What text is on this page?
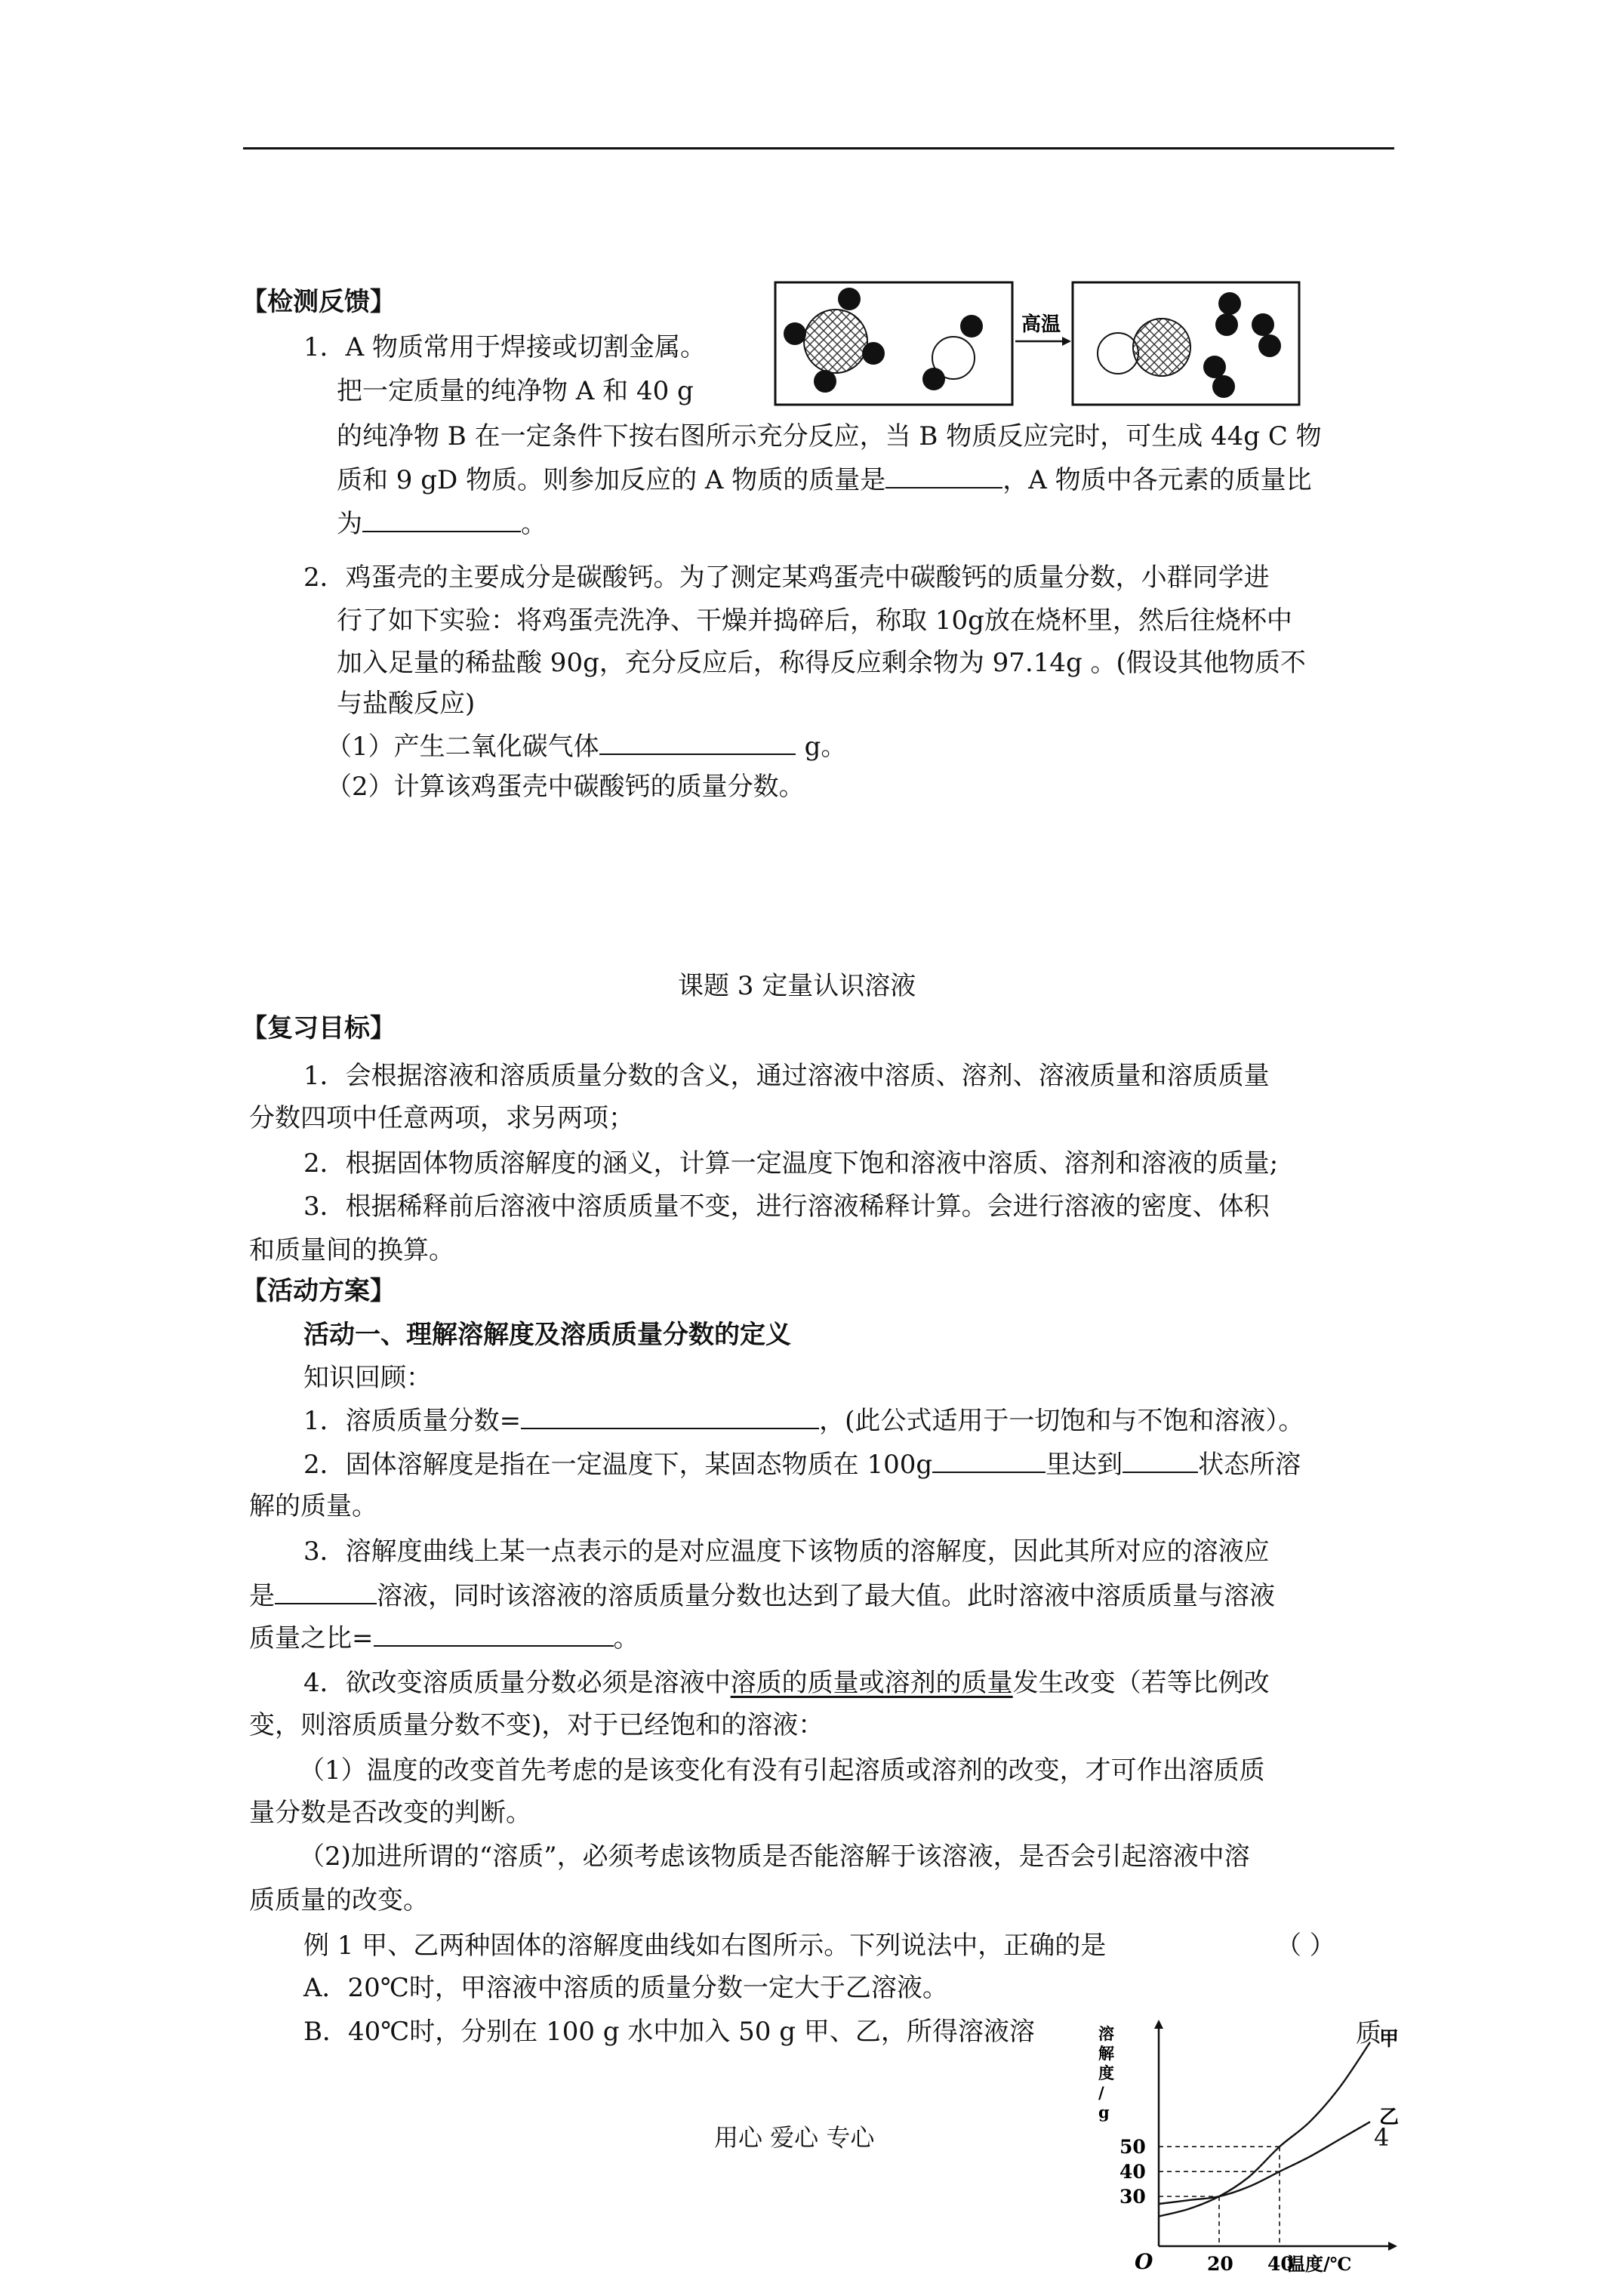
【检测反馈】
1．A 物质常用于焊接或切割金属。
把一定质量的纯净物 A 和 40 g
高温
的纯净物 B 在一定条件下按右图所示充分反应，当 B 物质反应完时，可生成 44g C 物
质和 9 gD 物质。则参加反应的 A 物质的质量是	，A 物质中各元素的质量比
为	。
2．鸡蛋壳的主要成分是碳酸钙。为了测定某鸡蛋壳中碳酸钙的质量分数，小群同学进
行了如下实验：将鸡蛋壳洗净、干燥并捣碎后，称取 10g放在烧杯里，然后往烧杯中
加入足量的稀盐酸 90g，充分反应后，称得反应剩余物为 97.14g 。(假设其他物质不
与盐酸反应)
（1）产生二氧化碳气体	g。
（2）计算该鸡蛋壳中碳酸钙的质量分数。
课题 3 定量认识溶液
【复习目标】
1．会根据溶液和溶质质量分数的含义，通过溶液中溶质、溶剂、溶液质量和溶质质量
分数四项中任意两项，求另两项；
2．根据固体物质溶解度的涵义，计算一定温度下饱和溶液中溶质、溶剂和溶液的质量;
3．根据稀释前后溶液中溶质质量不变，进行溶液稀释计算。会进行溶液的密度、体积
和质量间的换算。
【活动方案】
活动一、理解溶解度及溶质质量分数的定义
知识回顾：
1．溶质质量分数=	，(此公式适用于一切饱和与不饱和溶液）。
2．固体溶解度是指在一定温度下，某固态物质在 100g	里达到	状态所溶
解的质量。
3．溶解度曲线上某一点表示的是对应温度下该物质的溶解度，因此其所对应的溶液应
是	溶液，同时该溶液的溶质质量分数也达到了最大值。此时溶液中溶质质量与溶液
质量之比=	。
4．欲改变溶质质量分数必须是溶液中溶质的质量或溶剂的质量发生改变（若等比例改
变，则溶质质量分数不变)，对于已经饱和的溶液：
（1）温度的改变首先考虑的是该变化有没有引起溶质或溶剂的改变，才可作出溶质质
量分数是否改变的判断。
（2)加进所谓的“溶质”，必须考虑该物质是否能溶解于该溶液，是否会引起溶液中溶
质质量的改变。
例 1 甲、乙两种固体的溶解度曲线如右图所示。下列说法中，正确的是	（ ）
A．20℃时，甲溶液中溶质的质量分数一定大于乙溶液。
B．40℃时，分别在 100 g 水中加入 50 g 甲、乙，所得溶液溶	质
用心 爱心 专心	4
O
溶
解
度
/
g
温度/℃
30
40
50
20 40
甲
乙
